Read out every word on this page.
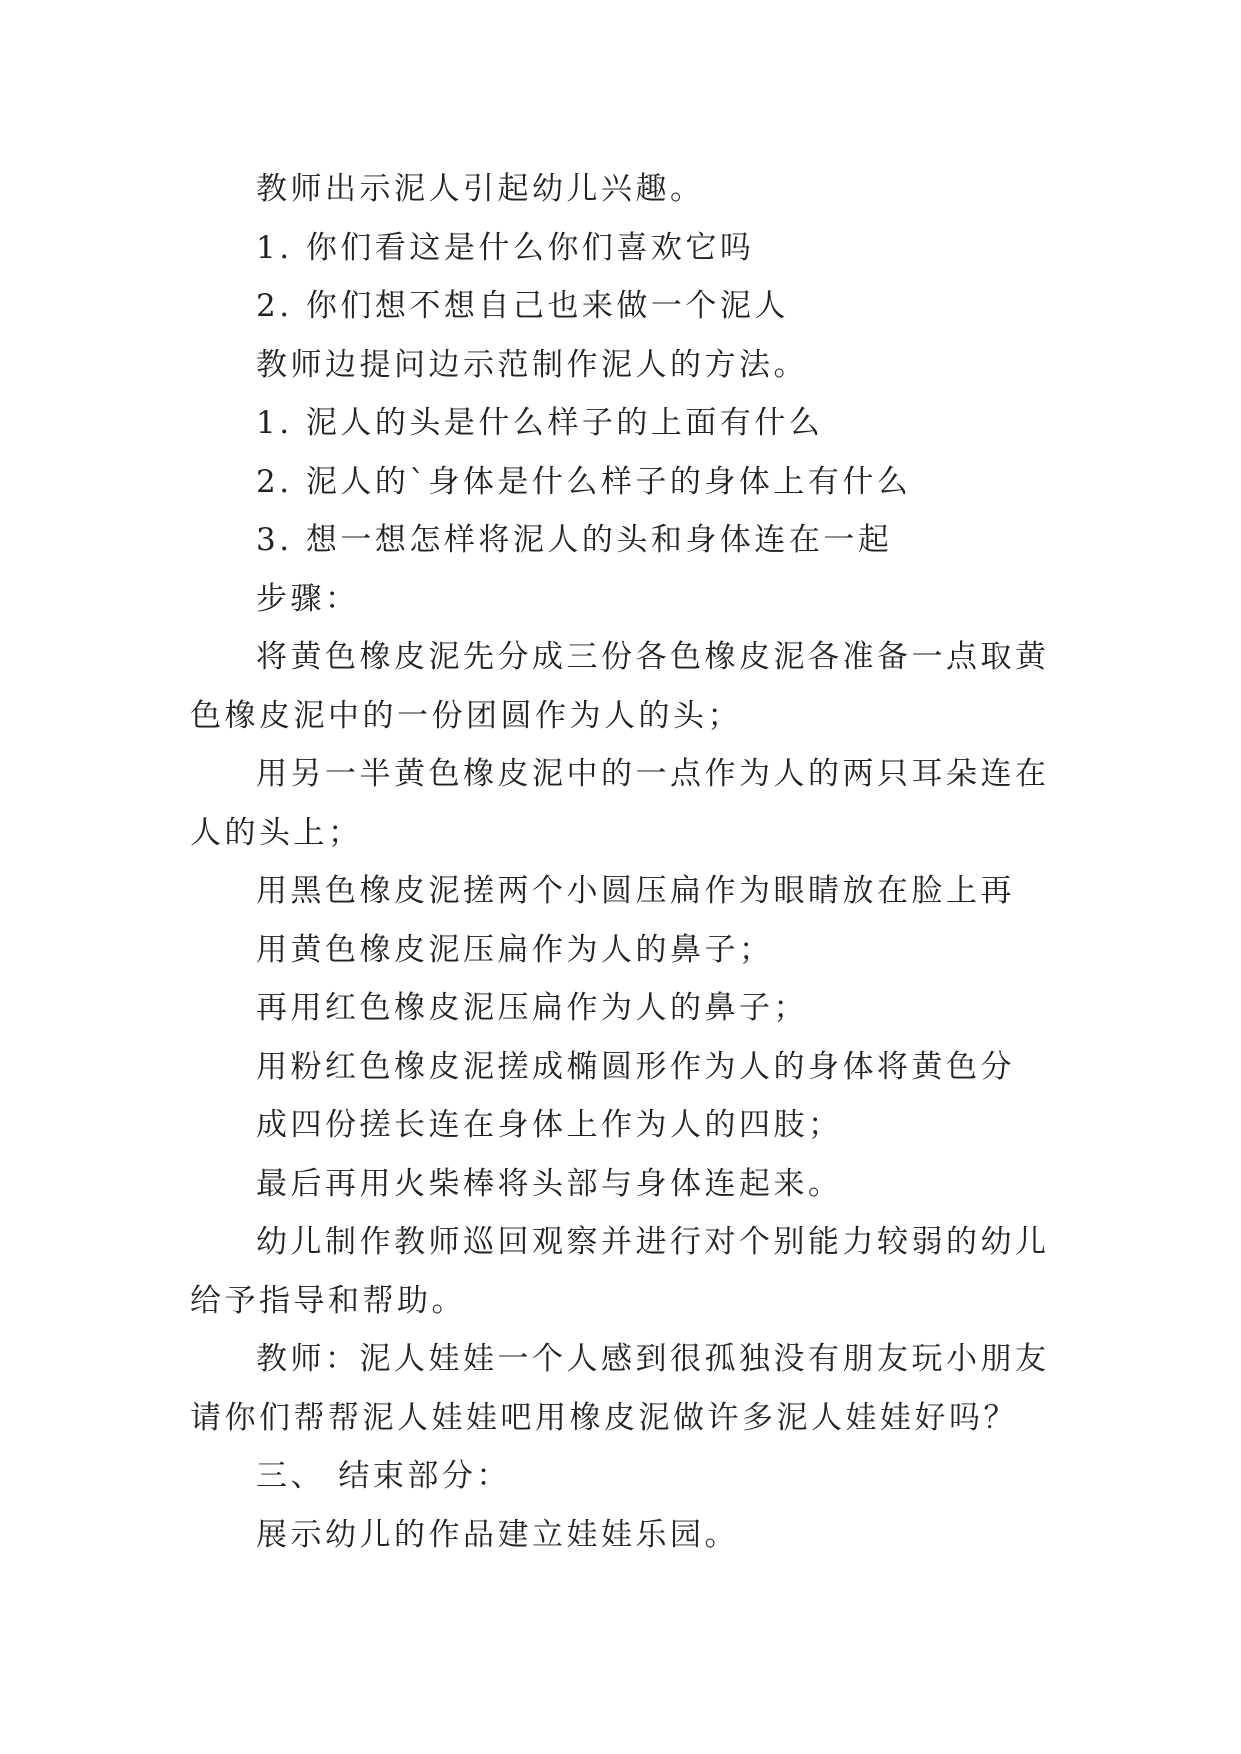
教师出示泥人引起幼儿兴趣。

1. 你们看这是什么你们喜欢它吗

2. 你们想不想自己也来做一个泥人

教师边提问边示范制作泥人的方法。

1. 泥人的头是什么样子的上面有什么

2. 泥人的`身体是什么样子的身体上有什么

3. 想一想怎样将泥人的头和身体连在一起

步骤：

将黄色橡皮泥先分成三份各色橡皮泥各准备一点取黄色橡皮泥中的一份团圆作为人的头；

用另一半黄色橡皮泥中的一点作为人的两只耳朵连在人的头上；

用黑色橡皮泥搓两个小圆压扁作为眼睛放在脸上再

用黄色橡皮泥压扁作为人的鼻子；

再用红色橡皮泥压扁作为人的鼻子；

用粉红色橡皮泥搓成椭圆形作为人的身体将黄色分

成四份搓长连在身体上作为人的四肢；

最后再用火柴棒将头部与身体连起来。

幼儿制作教师巡回观察并进行对个别能力较弱的幼儿给予指导和帮助。

教师：泥人娃娃一个人感到很孤独没有朋友玩小朋友请你们帮帮泥人娃娃吧用橡皮泥做许多泥人娃娃好吗？

三、 结束部分：

展示幼儿的作品建立娃娃乐园。
